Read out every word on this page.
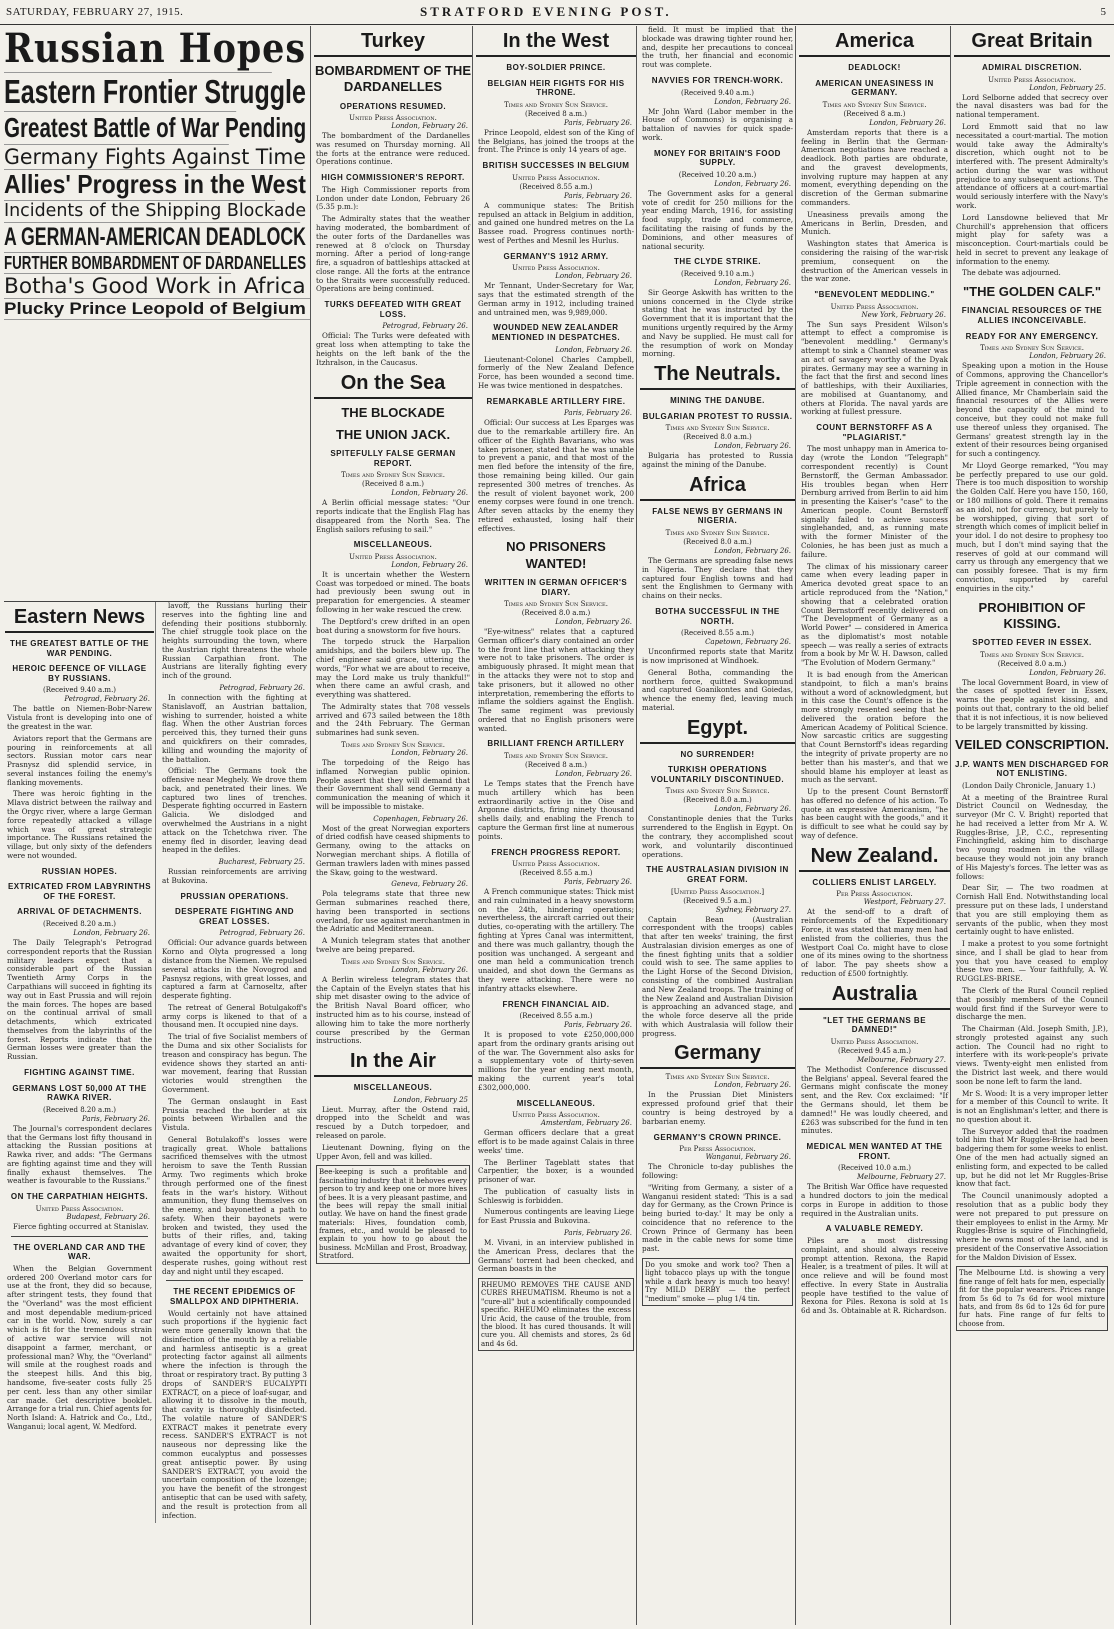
SATURDAY, FEBRUARY 27, 1915.	STRATFORD EVENING POST.	5
Russian Hopes
Eastern Frontier Struggle
Greatest Battle of War Pending
Germany Fights Against Time
Allies' Progress in the West
Incidents of the Shipping Blockade
A GERMAN-AMERICAN DEADLOCK
FURTHER BOMBARDMENT OF DARDANELLES
Botha's Good Work in Africa
Plucky Prince Leopold of Belgium
Eastern News
THE GREATEST BATTLE OF THE WAR PENDING.
HEROIC DEFENCE OF VILLAGE BY RUSSIANS.
(Received 9.40 a.m.)
Petrograd, February 26.

The battle on Niemen-Bobr-Narew Vistula front is developing into one of the greatest in the war.

Aviators report that the Germans are pouring in reinforcements at all sectors. Russian motor cars near Prasnysz did splendid service, in several instances foiling the enemy's flanking movements.

There was heroic fighting in the Mlava district between the railway and the Orgyc river, where a large German force repeatedly attacked a village which was of great strategic importance. The Russians retained the village, but only sixty of the defenders were not wounded.

RUSSIAN HOPES.
EXTRICATED FROM LABYRINTHS OF THE FOREST.
ARRIVAL OF DETACHMENTS.
(Received 8.20 a.m.)
London, February 26.

The Daily Telegraph's Petrograd correspondent reports that the Russian military leaders expect that a considerable part of the Russian Twentieth Army Corps in the Carpathians will succeed in fighting its way out in East Prussia and will rejoin the main forces. The hopes are based on the continual arrival of small detachments, which extricated themselves from the labyrinths of the forest. Reports indicate that the German losses were greater than the Russian.

FIGHTING AGAINST TIME.
GERMANS LOST 50,000 AT THE RAWKA RIVER.
(Received 8.20 a.m.)
Paris, February 26.

The Journal's correspondent declares that the Germans lost fifty thousand in attacking the Russian positions at Rawka river, and adds: "The Germans are fighting against time and they will finally exhaust themselves. The weather is favourable to the Russians."

ON THE CARPATHIAN HEIGHTS.
United Press Association.
Budapest, February 26.

Fierce fighting occurred at Stanislav.

THE OVERLAND CAR AND THE WAR.

When the Belgian Government ordered 200 Overland motor cars for use at the front, they did so because, after stringent tests, they found that the "Overland" was the most efficient and most dependable medium-priced car in the world. Now, surely a car which is fit for the tremendous strain of active war service will not disappoint a farmer, merchant, or professional man? Why, the "Overland" will smile at the roughest roads and the steepest hills. And this big, handsome, five-seater costs fully 25 per cent. less than any other similar car made. Get descriptive booklet. Arrange for a trial run. Chief agents for North Island: A. Hatrick and Co., Ltd., Wanganui; local agent, W. Medford.

lavoff, the Russians hurling their reserves into the fighting line and defending their positions stubbornly. The chief struggle took place on the heights surrounding the town, where the Austrian right threatens the whole Russian Carpathian front. The Austrians are literally fighting every inch of the ground.

Petrograd, February 26.

In connection with the fighting at Stanislavoff, an Austrian battalion, wishing to surrender, hoisted a white flag. When the other Austrian forces perceived this, they turned their guns and quickfirers on their comrades, killing and wounding the majority of the battalion.

Official: The Germans took the offensive near Meghely. We drove them back, and penetrated their lines. We captured two lines of trenches. Desperate fighting occurred in Eastern Galicia. We dislodged and overwhelmed the Austrians in a night attack on the Tchetchwa river. The enemy fled in disorder, leaving dead heaped in the defiles.

Bucharest, February 25.

Russian reinforcements are arriving at Bukovina.

PRUSSIAN OPERATIONS.
DESPERATE FIGHTING AND GREAT LOSSES.
Petrograd, February 26.

Official: Our advance guards between Korno and Olyta progressed a long distance from the Niemen. We repulsed several attacks in the Novogrod and Pasnysz regions, with great losses, and captured a farm at Carnoseltz, after desperate fighting.

The retreat of General Botulgakoff's army corps is likened to that of a thousand men. It occupied nine days.

The trial of five Socialist members of the Duma and six other Socialists for treason and conspiracy has begun. The evidence shows they started an anti-war movement, fearing that Russian victories would strengthen the Government.

The German onslaught in East Prussia reached the border at six points between Wirballen and the Vistula.

General Botulakoff's losses were tragically great. Whole battalions sacrificed themselves with the utmost heroism to save the Tenth Russian Army. Two regiments which broke through performed one of the finest feats in the war's history. Without ammunition, they flung themselves on the enemy, and bayonetted a path to safety. When their bayonets were broken and twisted, they used the butts of their rifles, and, taking advantage of every kind of cover, they awaited the opportunity for short, desperate rushes, going without rest day and night until they escaped.

THE RECENT EPIDEMICS OF SMALLPOX AND DIPHTHERIA.

Would certainly not have attained such proportions if the hygienic fact were more generally known that the disinfection of the mouth by a reliable and harmless antiseptic is a great protecting factor against all ailments where the infection is through the throat or respiratory tract. By putting 3 drops of SANDER'S EUCALYPTI EXTRACT, on a piece of loaf-sugar, and allowing it to dissolve in the mouth, that cavity is thoroughly disinfected. The volatile nature of SANDER'S EXTRACT makes it penetrate every recess. SANDER'S EXTRACT is not nauseous nor depressing like the common eucalyptus and possesses great antiseptic power. By using SANDER'S EXTRACT, you avoid the uncertain composition of the lozenge; you have the benefit of the strongest antiseptic that can be used with safety, and the result is protection from all infection.

Turkey
BOMBARDMENT OF THE DARDANELLES
OPERATIONS RESUMED.
United Press Association.
London, February 26.

The bombardment of the Dardanelles was resumed on Thursday morning. All the forts at the entrance were reduced. Operations continue.

HIGH COMMISSIONER'S REPORT.

The High Commissioner reports from London under date London, February 26 (5.35 p.m.):

The Admiralty states that the weather having moderated, the bombardment of the outer forts of the Dardanelles was renewed at 8 o'clock on Thursday morning. After a period of long-range fire, a squadron of battleships attacked at close range. All the forts at the entrance to the Straits were successfully reduced. Operations are being continued.

TURKS DEFEATED WITH GREAT LOSS.
Petrograd, February 26.

Official: The Turks were defeated with great loss when attempting to take the heights on the left bank of the the Itzhralson, in the Caucasus.

On the Sea
THE BLOCKADE
THE UNION JACK.
SPITEFULLY FALSE GERMAN REPORT.
Times and Sydney Sun Service.
(Received 8 a.m.)
London, February 26.

A Berlin official message states: "Our reports indicate that the English Flag has disappeared from the North Sea. The English sailors refusing to sail."

MISCELLANEOUS.
United Press Association.
London, February 26.

It is uncertain whether the Western Coast was torpedoed or mined. The boats had previously been swung out in preparation for emergencies. A steamer following in her wake rescued the crew.

The Deptford's crew drifted in an open boat during a snowstorm for five hours.

The torpedo struck the Harpalion amidships, and the boilers blew up. The chief engineer said grace, uttering the words, "For what we are about to receive, may the Lord make us truly thankful!" when there came an awful crash, and everything was shattered.

The Admiralty states that 708 vessels arrived and 673 sailed between the 18th and the 24th February. The German submarines had sunk seven.

Times and Sydney Sun Service.
London, February 26.

The torpedoing of the Reigo has inflamed Norwegian public opinion. People assert that they will demand that their Government shall send Germany a communication the meaning of which it will be impossible to mistake.

Copenhagen, February 26.

Most of the great Norwegian exporters of dried codfish have ceased shipments to Germany, owing to the attacks on Norwegian merchant ships. A flotilla of German trawlers laden with mines passed the Skaw, going to the westward.

Geneva, February 26.

Pola telegrams state that three new German submarines reached there, having been transported in sections overland, for use against merchantmen in the Adriatic and Mediterranean.

A Munich telegram states that another twelve are being prepared.

Times and Sydney Sun Service.
London, February 26.

A Berlin wireless telegram states that the Captain of the Evelyn states that his ship met disaster owing to the advice of the British Naval Board officer, who instructed him as to his course, instead of allowing him to take the more northerly course prescribed by the German instructions.

In the Air
MISCELLANEOUS.
London, February 25

Lieut. Murray, after the Ostend raid, dropped into the Scheldt and was rescued by a Dutch torpedoer, and released on parole.

Lieutenant Downing, flying on the Upper Avon, fell and was killed.

Bee-keeping is such a profitable and fascinating industry that it behoves every person to try and keep one or more hives of bees. It is a very pleasant pastime, and the bees will repay the small initial outlay. We have on hand the finest grade materials: Hives, foundation comb, frames, etc., and would be pleased to explain to you how to go about the business. McMillan and Frost, Broadway, Stratford.
In the West
BOY-SOLDIER PRINCE.
BELGIAN HEIR FIGHTS FOR HIS THRONE.
Times and Sydney Sun Service.
(Received 8 a.m.)
Paris, February 26.

Prince Leopold, eldest son of the King of the Belgians, has joined the troops at the front. The Prince is only 14 years of age.

BRITISH SUCCESSES IN BELGIUM
United Press Association.
(Received 8.55 a.m.)
Paris, February 26.

A communique states: The British repulsed an attack in Belgium in addition, and gained one hundred metres on the La Bassee road. Progress continues north-west of Perthes and Mesnil les Hurlus.

GERMANY'S 1912 ARMY.
United Press Association.
London, February 26.

Mr Tennant, Under-Secretary for War, says that the estimated strength of the German army in 1912, including trained and untrained men, was 9,989,000.

WOUNDED NEW ZEALANDER MENTIONED IN DESPATCHES.
London, February 26.

Lieutenant-Colonel Charles Campbell, formerly of the New Zealand Defence Force, has been wounded a second time. He was twice mentioned in despatches.

REMARKABLE ARTILLERY FIRE.
Paris, February 26.

Official: Our success at Les Eparges was due to the remarkable artillery fire. An officer of the Eighth Bavarians, who was taken prisoner, stated that he was unable to prevent a panic, and that most of the men fled before the intensity of the fire, those remaining being killed. Our gain represented 300 metres of trenches. As the result of violent bayonet work, 200 enemy corpses were found in one trench. After seven attacks by the enemy they retired exhausted, losing half their effectives.

NO PRISONERS WANTED!
WRITTEN IN GERMAN OFFICER'S DIARY.
Times and Sydney Sun Service.
(Received 8.0 a.m.)
London, February 26.

"Eye-witness" relates that a captured German officer's diary contained an order to the front line that when attacking they were not to take prisoners. The order is ambiguously phrased. It might mean that in the attacks they were not to stop and take prisoners, but it allowed no other interpretation, remembering the efforts to inflame the soldiers against the English. The same regiment was previously ordered that no English prisoners were wanted.

BRILLIANT FRENCH ARTILLERY
Times and Sydney Sun Service.
(Received 8 a.m.)
London, February 26.

Le Temps states that the French have much artillery which has been extraordinarily active in the Oise and Argonne districts, firing ninety thousand shells daily, and enabling the French to capture the German first line at numerous points.

FRENCH PROGRESS REPORT.
United Press Association.
(Received 8.55 a.m.)
Paris, February 26.

A French communique states: Thick mist and rain culminated in a heavy snowstorm on the 24th, hindering operations; nevertheless, the aircraft carried out their duties, co-operating with the artillery. The fighting at Ypres Canal was intermittent, and there was much gallantry, though the position was unchanged. A sergeant and one man held a communication trench unaided, and shot down the Germans as they were attacking. There were no infantry attacks elsewhere.

FRENCH FINANCIAL AID.
(Received 8.55 a.m.)
Paris, February 26.

It is proposed to vote £250,000,000 apart from the ordinary grants arising out of the war. The Government also asks for a supplementary vote of thirty-seven millions for the year ending next month, making the current year's total £302,000,000.

MISCELLANEOUS.
United Press Association.
Amsterdam, February 26.

German officers declare that a great effort is to be made against Calais in three weeks' time.

The Berliner Tageblatt states that Carpentier, the boxer, is a wounded prisoner of war.

The publication of casualty lists in Schleswig is forbidden.

Numerous contingents are leaving Liege for East Prussia and Bukovina.

Paris, February 26.

M. Vivani, in an interview published in the American Press, declares that the Germans' torrent had been checked, and German boasts in the

RHEUMO REMOVES THE CAUSE AND CURES RHEUMATISM. Rheumo is not a "cure-all" but a scientifically compounded specific. RHEUMO eliminates the excess Uric Acid, the cause of the trouble, from the blood. It has cured thousands. It will cure you. All chemists and stores, 2s 6d and 4s 6d.

field. It must be implied that the blockade was drawing tighter round her, and, despite her precautions to conceal the truth, her financial and economic rout was complete.

NAVVIES FOR TRENCH-WORK.
(Received 9.40 a.m.)
London, February 26.

Mr John Ward (Labor member in the House of Commons) is organising a battalion of navvies for quick spade-work.

MONEY FOR BRITAIN'S FOOD SUPPLY.
(Received 10.20 a.m.)
London, February 26.

The Government asks for a general vote of credit for 250 millions for the year ending March, 1916, for assisting food supply, trade and commerce, facilitating the raising of funds by the Dominions, and other measures of national security.

THE CLYDE STRIKE.
(Received 9.10 a.m.)
London, February 26.

Sir George Askwith has written to the unions concerned in the Clyde strike stating that he was instructed by the Government that it is important that the munitions urgently required by the Army and Navy be supplied. He must call for the resumption of work on Monday morning.

The Neutrals.
MINING THE DANUBE.
BULGARIAN PROTEST TO RUSSIA.
Times and Sydney Sun Service.
(Received 8.0 a.m.)
London, February 26.

Bulgaria has protested to Russia against the mining of the Danube.

Africa
FALSE NEWS BY GERMANS IN NIGERIA.
Times and Sydney Sun Service.
(Received 8.0 a.m.)
London, February 26.

The Germans are spreading false news in Nigeria. They declare that they captured four English towns and had sent the Englishmen to Germany with chains on their necks.

BOTHA SUCCESSFUL IN THE NORTH.
(Received 8.55 a.m.)
Capetown, February 26.

Unconfirmed reports state that Maritz is now imprisoned at Windhoek.

General Botha, commanding the northern force, quitted Swakopmund and captured Goanikontes and Goiedas, whence the enemy fled, leaving much material.

Egypt.
NO SURRENDER!
TURKISH OPERATIONS VOLUNTARILY DISCONTINUED.
Times and Sydney Sun Service.
(Received 8.0 a.m.)
London, February 26.

Constantinople denies that the Turks surrendered to the English in Egypt. On the contrary, they accomplished scout work, and voluntarily discontinued operations.

THE AUSTRALASIAN DIVISION IN GREAT FORM.
[United Press Association.]
(Received 9.5 a.m.)
Sydney, February 27.

Captain Bean (Australian correspondent with the troops) cables that after ten weeks' training, the first Australasian division emerges as one of the finest fighting units that a soldier could wish to see. The same applies to the Light Horse of the Second Division, consisting of the combined Australian and New Zealand troops. The training of the New Zealand and Australian Division is approaching an advanced stage, and the whole force deserve all the pride with which Australasia will follow their progress.

Germany
Times and Sydney Sun Service.
London, February 26.

In the Prussian Diet Ministers expressed profound grief that their country is being destroyed by a barbarian enemy.

GERMANY'S CROWN PRINCE.
Per Press Association.
Wanganui, February 26.

The Chronicle to-day publishes the following:

"Writing from Germany, a sister of a Wanganui resident stated: 'This is a sad day for Germany, as the Crown Prince is being buried to-day.' It may be only a coincidence that no reference to the Crown Prince of Germany has been made in the cable news for some time past.

Do you smoke and work too? Then a light tobacco plays up with the tongue while a dark heavy is much too heavy! Try MILD DERBY — the perfect "medium" smoke — plug 1/4 tin.
America
DEADLOCK!
AMERICAN UNEASINESS IN GERMANY.
Times and Sydney Sun Service.
(Received 8 a.m.)
London, February 26.

Amsterdam reports that there is a feeling in Berlin that the German-American negotiations have reached a deadlock. Both parties are obdurate, and the gravest developments, involving rupture may happen at any moment, everything depending on the discretion of the German submarine commanders.

Uneasiness prevails among the Americans in Berlin, Dresden, and Munich.

Washington states that America is considering the raising of the war-risk premium, consequent on the destruction of the American vessels in the war zone.

"BENEVOLENT MEDDLING."
United Press Association.
New York, February 26.

The Sun says President Wilson's attempt to effect a compromise is "benevolent meddling." Germany's attempt to sink a Channel steamer was an act of savagery worthy of the Dyak pirates. Germany may see a warning in the fact that the first and second lines of battleships, with their Auxiliaries, are mobilised at Guantanomy, and others at Florida. The naval yards are working at fullest pressure.

COUNT BERNSTORFF AS A "PLAGIARIST."

The most unhappy man in America to-day (wrote the London "Telegraph" correspondent recently) is Count Bernstorff, the German Ambassador. His troubles began when Herr Dernburg arrived from Berlin to aid him in presenting the Kaiser's "case" to the American people. Count Bernstorff signally failed to achieve success singlehanded, and, as running mate with the former Minister of the Colonies, he has been just as much a failure.

The climax of his missionary career came when every leading paper in America devoted great space to an article reproduced from the "Nation," showing that a celebrated oration Count Bernstorff recently delivered on "The Development of Germany as a World Power" — considered in America as the diplomatist's most notable speech — was really a series of extracts from a book by Mr W. H. Dawson, called "The Evolution of Modern Germany."

It is bad enough from the American standpoint, to filch a man's brains without a word of acknowledgment, but in this case the Count's offence is the more strongly resented seeing that he delivered the oration before the American Academy of Political Science. Now sarcastic critics are suggesting that Count Bernstorff's ideas regarding the integrity of private property are no better than his master's, and that we should blame his employer at least as much as the servant.

Up to the present Count Bernstorff has offered no defence of his action. To quote an expressive Americanism, "he has been caught with the goods," and it is difficult to see what he could say by way of defence.

New Zealand.
COLLIERS ENLIST LARGELY.
Per Press Association.
Westport, February 27.

At the send-off to a draft of reinforcements of the Expeditionary Force, it was stated that many men had enlisted from the collieries, thus the Westport Coal Co. might have to close one of its mines owing to the shortness of labor. The pay sheets show a reduction of £500 fortnightly.

Australia
"LET THE GERMANS BE DAMNED!"
United Press Association.
(Received 9.45 a.m.)
Melbourne, February 27.

The Methodist Conference discussed the Belgians' appeal. Several feared the Germans might confiscate the money sent, and the Rev. Cox exclaimed: "If the Germans should, let them be damned!" He was loudly cheered, and £263 was subscribed for the fund in ten minutes.

MEDICAL MEN WANTED AT THE FRONT.
(Received 10.0 a.m.)
Melbourne, February 27.

The British War Office have requested a hundred doctors to join the medical corps in Europe in addition to those required in the Australian units.

A VALUABLE REMEDY.

Piles are a most distressing complaint, and should always receive prompt attention. Rexona, the Rapid Healer, is a treatment of piles. It will at once relieve and will be found most effective. In every State in Australia people have testified to the value of Rexona for Piles. Rexona is sold at 1s 6d and 3s. Obtainable at R. Richardson.

Great Britain
ADMIRAL DISCRETION.
United Press Association.
London, February 25.

Lord Selborne added that secrecy over the naval disasters was bad for the national temperament.

Lord Emmott said that no law necessitated a court-martial. The motion would take away the Admiralty's discretion, which ought not to be interfered with. The present Admiralty's action during the war was without prejudice to any subsequent actions. The attendance of officers at a court-martial would seriously interfere with the Navy's work.

Lord Lansdowne believed that Mr Churchill's apprehension that officers might play for safety was a misconception. Court-martials could be held in secret to prevent any leakage of information to the enemy.

The debate was adjourned.

"THE GOLDEN CALF."
FINANCIAL RESOURCES OF THE ALLIES INCONCEIVABLE.
READY FOR ANY EMERGENCY.
Times and Sydney Sun Service.
London, February 26.

Speaking upon a motion in the House of Commons, approving the Chancellor's Triple agreement in connection with the Allied finance, Mr Chamberlain said the financial resources of the Allies were beyond the capacity of the mind to conceive, but they could not make full use thereof unless they organised. The Germans' greatest strength lay in the extent of their resources being organised for such a contingency.

Mr Lloyd George remarked, "You may be perfectly prepared to use our gold. There is too much disposition to worship the Golden Calf. Here you have 150, 160, or 180 millions of gold. There it remains as an idol, not for currency, but purely to be worshipped, giving that sort of strength which comes of implicit belief in your idol. I do not desire to prophesy too much, but I don't mind saying that the reserves of gold at our command will carry us through any emergency that we can possibly foresee. That is my firm conviction, supported by careful enquiries in the city."

PROHIBITION OF KISSING.
SPOTTED FEVER IN ESSEX.
Times and Sydney Sun Service.
(Received 8.0 a.m.)
London, February 26.

The local Government Board, in view of the cases of spotted fever in Essex, warns the people against kissing, and points out that, contrary to the old belief that it is not infectious, it is now believed to be largely transmitted by kissing.

VEILED CONSCRIPTION.
J.P. WANTS MEN DISCHARGED FOR NOT ENLISTING.

(London Daily Chronicle, January 1.)

At a meeting of the Braintree Rural District Council on Wednesday, the surveyor (Mr C. V. Bright) reported that he had received a letter from Mr A. W. Ruggles-Brise, J.P., C.C., representing Finchingfield, asking him to discharge two young roadmen in the village because they would not join any branch of His Majesty's forces. The letter was as follows:

Dear Sir, — The two roadmen at Cornish Hall End. Notwithstanding local pressure put on these lads, I understand that you are still employing them as servants of the public, when they most certainly ought to have enlisted.

I make a protest to you some fortnight since, and I shall be glad to hear from you that you have ceased to employ these two men. — Your faithfully, A. W. RUGGLES-BRISE.

The Clerk of the Rural Council replied that possibly members of the Council would first find if the Surveyor were to discharge the men.

The Chairman (Ald. Joseph Smith, J.P.), strongly protested against any such action. The Council had no right to interfere with its work-people's private views. Twenty-eight men enlisted from the District last week, and there would soon be none left to farm the land.

Mr S. Wood: It is a very improper letter for a member of this Council to write. It is not an Englishman's letter, and there is no question about it.

The Surveyor added that the roadmen told him that Mr Ruggles-Brise had been badgering them for some weeks to enlist. One of the men had actually signed an enlisting form, and expected to be called up, but he did not let Mr Ruggles-Brise know that fact.

The Council unanimously adopted a resolution that as a public body they were not prepared to put pressure on their employees to enlist in the Army. Mr Ruggles-Brise is squire of Finchingfield, where he owns most of the land, and is president of the Conservative Association for the Maldon Division of Essex.

The Melbourne Ltd. is showing a very fine range of felt hats for men, especially fit for the popular wearers. Prices range from 5s 6d to 7s 6d for wool mixture hats, and from 8s 6d to 12s 6d for pure fur hats. Fine range of fur felts to choose from.
